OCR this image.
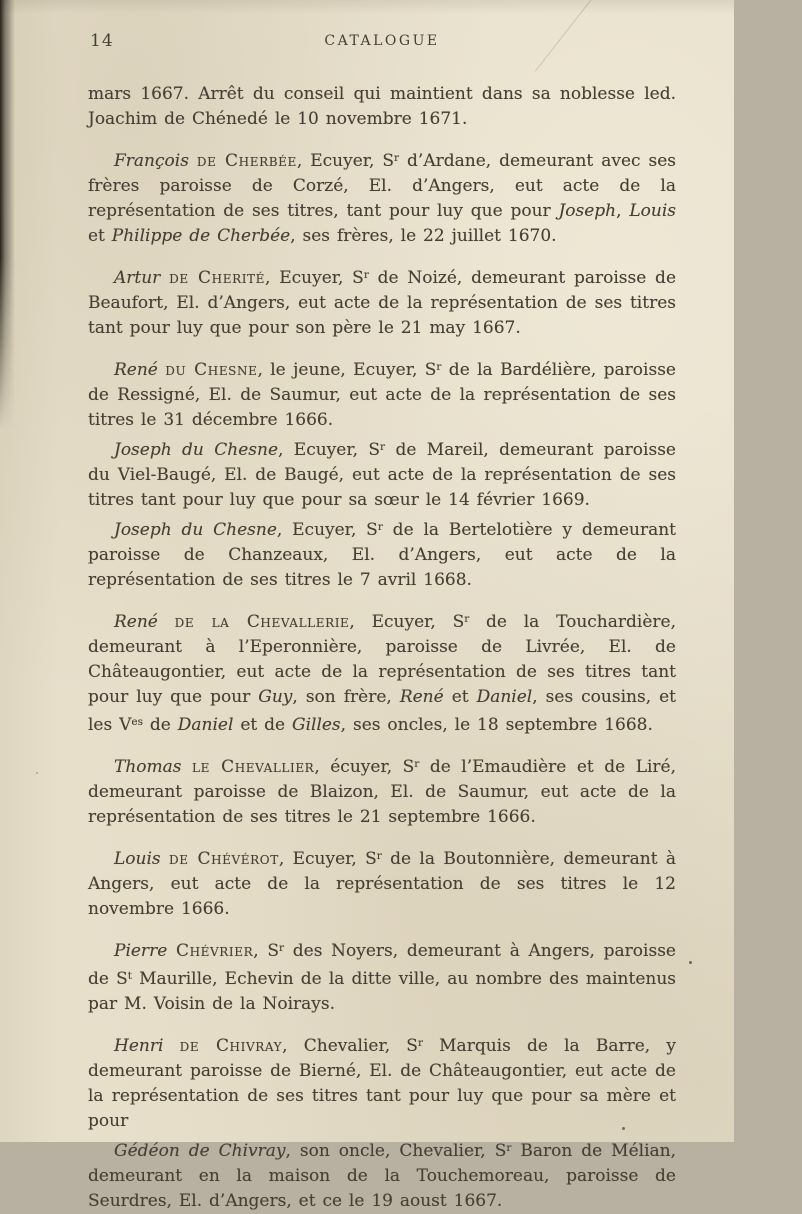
14	CATALOGUE

mars 1667. Arrêt du conseil qui maintient dans sa noblesse led. Joachim de Chénedé le 10 novembre 1671.

François de Cherbée, Ecuyer, $S^r$ d’Ardane, demeurant avec ses frères paroisse de Corzé, El. d’Angers, eut acte de la représentation de ses titres, tant pour luy que pour Joseph, Louis et Philippe de Cherbée, ses frères, le 22 juillet 1670.

Artur de Cherité, Ecuyer, $S^r$ de Noizé, demeurant paroisse de Beaufort, El. d’Angers, eut acte de la représentation de ses titres tant pour luy que pour son père le 21 may 1667.

René du Chesne, le jeune, Ecuyer, $S^r$ de la Bardélière, paroisse de Ressigné, El. de Saumur, eut acte de la représentation de ses titres le 31 décembre 1666.

Joseph du Chesne, Ecuyer, $S^r$ de Mareil, demeurant paroisse du Viel-Baugé, El. de Baugé, eut acte de la représentation de ses titres tant pour luy que pour sa sœur le 14 février 1669.

Joseph du Chesne, Ecuyer, $S^r$ de la Bertelotière y demeurant paroisse de Chanzeaux, El. d’Angers, eut acte de la représentation de ses titres le 7 avril 1668.

René de la Chevallerie, Ecuyer, $S^r$ de la Touchardière, demeurant à l’Eperonnière, paroisse de Livrée, El. de Châteaugontier, eut acte de la représentation de ses titres tant pour luy que pour Guy, son frère, René et Daniel, ses cousins, et les $V^{es}$ de Daniel et de Gilles, ses oncles, le 18 septembre 1668.

Thomas le Chevallier, écuyer, $S^r$ de l’Emaudière et de Liré, demeurant paroisse de Blaizon, El. de Saumur, eut acte de la représentation de ses titres le 21 septembre 1666.

Louis de Chévérot, Ecuyer, $S^r$ de la Boutonnière, demeurant à Angers, eut acte de la représentation de ses titres le 12 novembre 1666.

Pierre Chévrier, $S^r$ des Noyers, demeurant à Angers, paroisse de $S^t$ Maurille, Echevin de la ditte ville, au nombre des maintenus par M. Voisin de la Noirays.

Henri de Chivray, Chevalier, $S^r$ Marquis de la Barre, y demeurant paroisse de Bierné, El. de Châteaugontier, eut acte de la représentation de ses titres tant pour luy que pour sa mère et pour

Gédéon de Chivray, son oncle, Chevalier, $S^r$ Baron de Mélian, demeurant en la maison de la Touchemoreau, paroisse de Seurdres, El. d’Angers, et ce le 19 aoust 1667.
